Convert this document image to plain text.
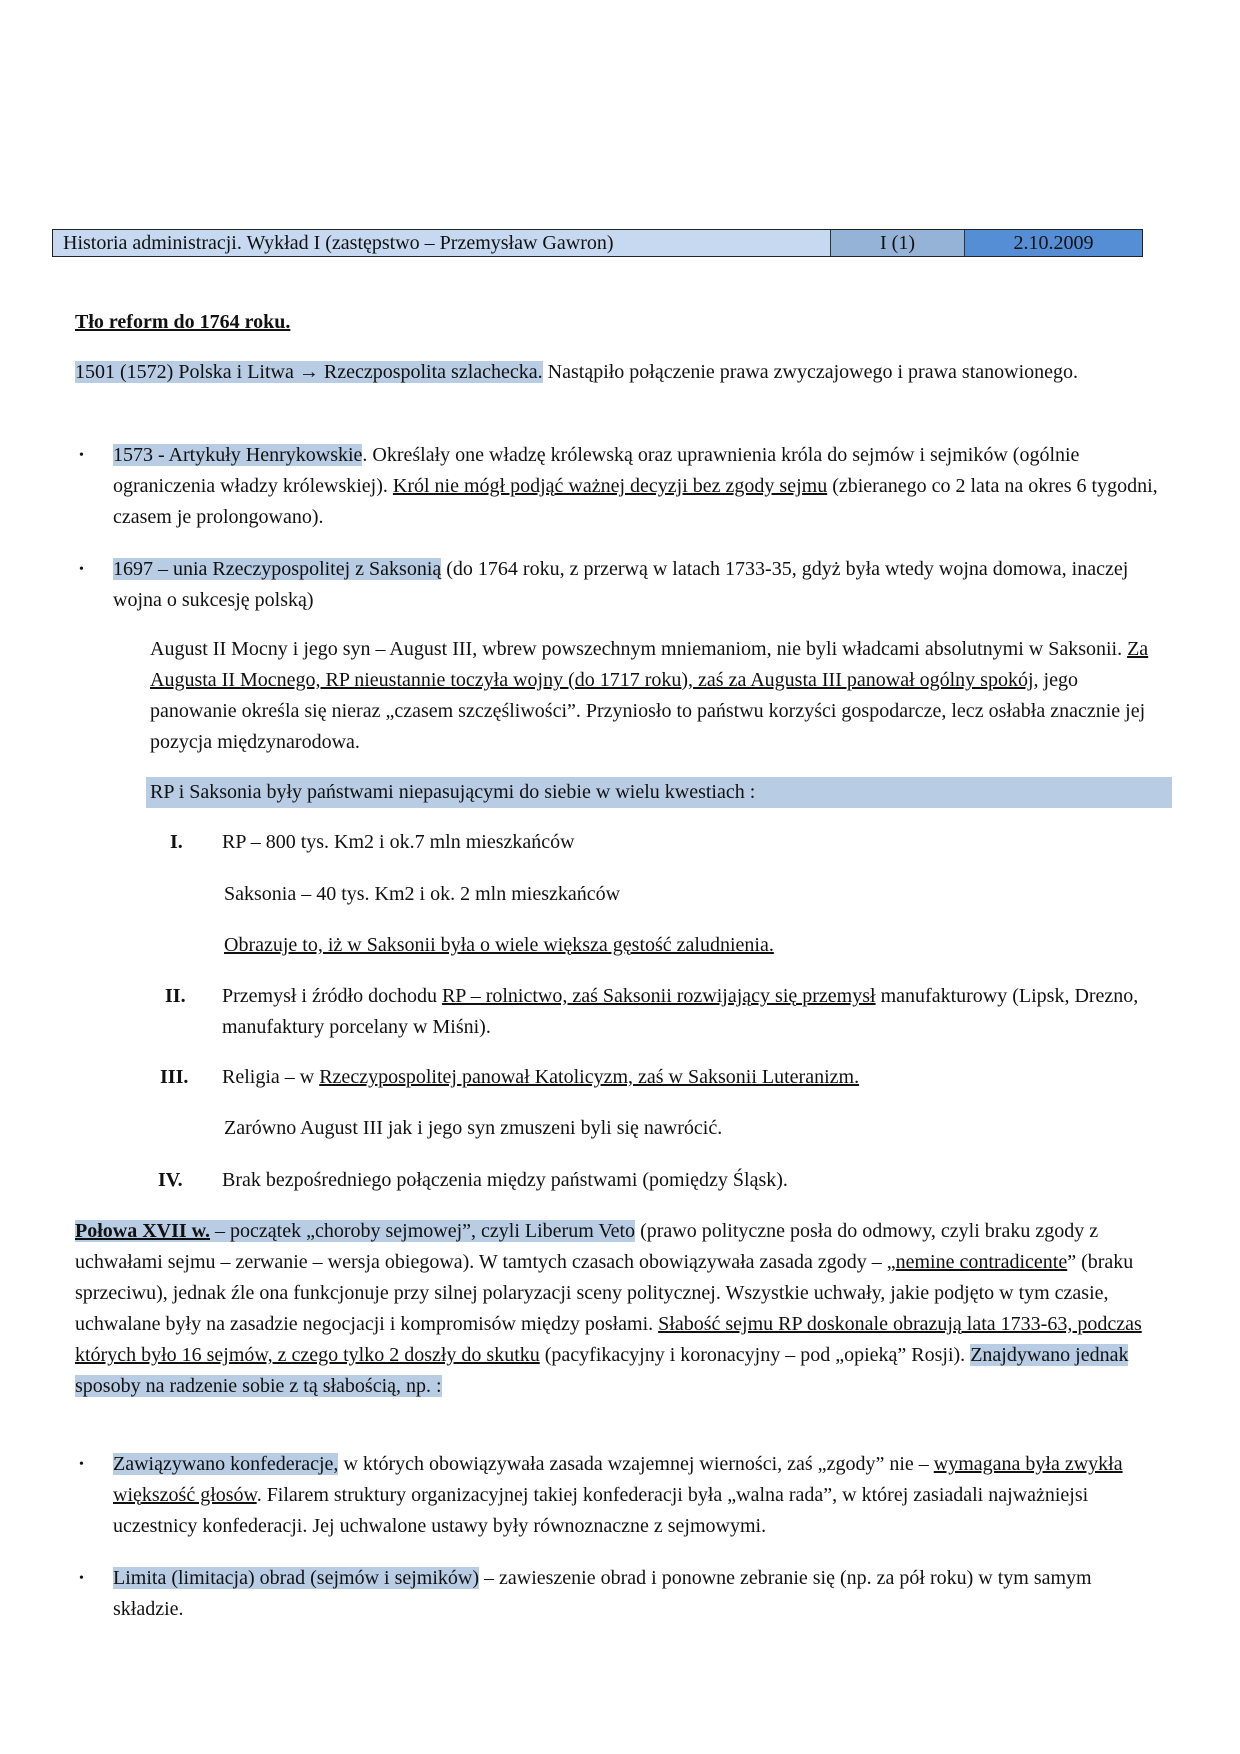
Historia administracji. Wykład I (zastępstwo – Przemysław Gawron)	I (1)	2.10.2009
Tło reform do 1764 roku.
1501 (1572) Polska i Litwa → Rzeczpospolita szlachecka. Nastąpiło połączenie prawa zwyczajowego i prawa stanowionego.
• 1573 - Artykuły Henrykowskie. Określały one władzę królewską oraz uprawnienia króla do sejmów i sejmików (ogólnie ograniczenia władzy królewskiej). Król nie mógł podjąć ważnej decyzji bez zgody sejmu (zbieranego co 2 lata na okres 6 tygodni, czasem je prolongowano).
• 1697 – unia Rzeczypospolitej z Saksonią (do 1764 roku, z przerwą w latach 1733-35, gdyż była wtedy wojna domowa, inaczej wojna o sukcesję polską)
August II Mocny i jego syn – August III, wbrew powszechnym mniemaniom, nie byli władcami absolutnymi w Saksonii. Za Augusta II Mocnego, RP nieustannie toczyła wojny (do 1717 roku), zaś za Augusta III panował ogólny spokój, jego panowanie określa się nieraz „czasem szczęśliwości”. Przyniosło to państwu korzyści gospodarcze, lecz osłabła znacznie jej pozycja międzynarodowa.
RP i Saksonia były państwami niepasującymi do siebie w wielu kwestiach :
I. RP – 800 tys. Km2 i ok.7 mln mieszkańców
Saksonia – 40 tys. Km2 i ok. 2 mln mieszkańców
Obrazuje to, iż w Saksonii była o wiele większa gęstość zaludnienia.
II. Przemysł i źródło dochodu RP – rolnictwo, zaś Saksonii rozwijający się przemysł manufakturowy (Lipsk, Drezno, manufaktury porcelany w Miśni).
III. Religia – w Rzeczypospolitej panował Katolicyzm, zaś w Saksonii Luteranizm.
Zarówno August III jak i jego syn zmuszeni byli się nawrócić.
IV. Brak bezpośredniego połączenia między państwami (pomiędzy Śląsk).
Połowa XVII w. – początek „choroby sejmowej”, czyli Liberum Veto (prawo polityczne posła do odmowy, czyli braku zgody z uchwałami sejmu – zerwanie – wersja obiegowa). W tamtych czasach obowiązywała zasada zgody – „nemine contradicente” (braku sprzeciwu), jednak źle ona funkcjonuje przy silnej polaryzacji sceny politycznej. Wszystkie uchwały, jakie podjęto w tym czasie, uchwalane były na zasadzie negocjacji i kompromisów między posłami. Słabość sejmu RP doskonale obrazują lata 1733-63, podczas których było 16 sejmów, z czego tylko 2 doszły do skutku (pacyfikacyjny i koronacyjny – pod „opieką” Rosji). Znajdywano jednak sposoby na radzenie sobie z tą słabością, np. :
• Zawiązywano konfederacje, w których obowiązywała zasada wzajemnej wierności, zaś „zgody” nie – wymagana była zwykła większość głosów. Filarem struktury organizacyjnej takiej konfederacji była „walna rada”, w której zasiadali najważniejsi uczestnicy konfederacji. Jej uchwalone ustawy były równoznaczne z sejmowymi.
• Limita (limitacja) obrad (sejmów i sejmików) – zawieszenie obrad i ponowne zebranie się (np. za pół roku) w tym samym składzie.
